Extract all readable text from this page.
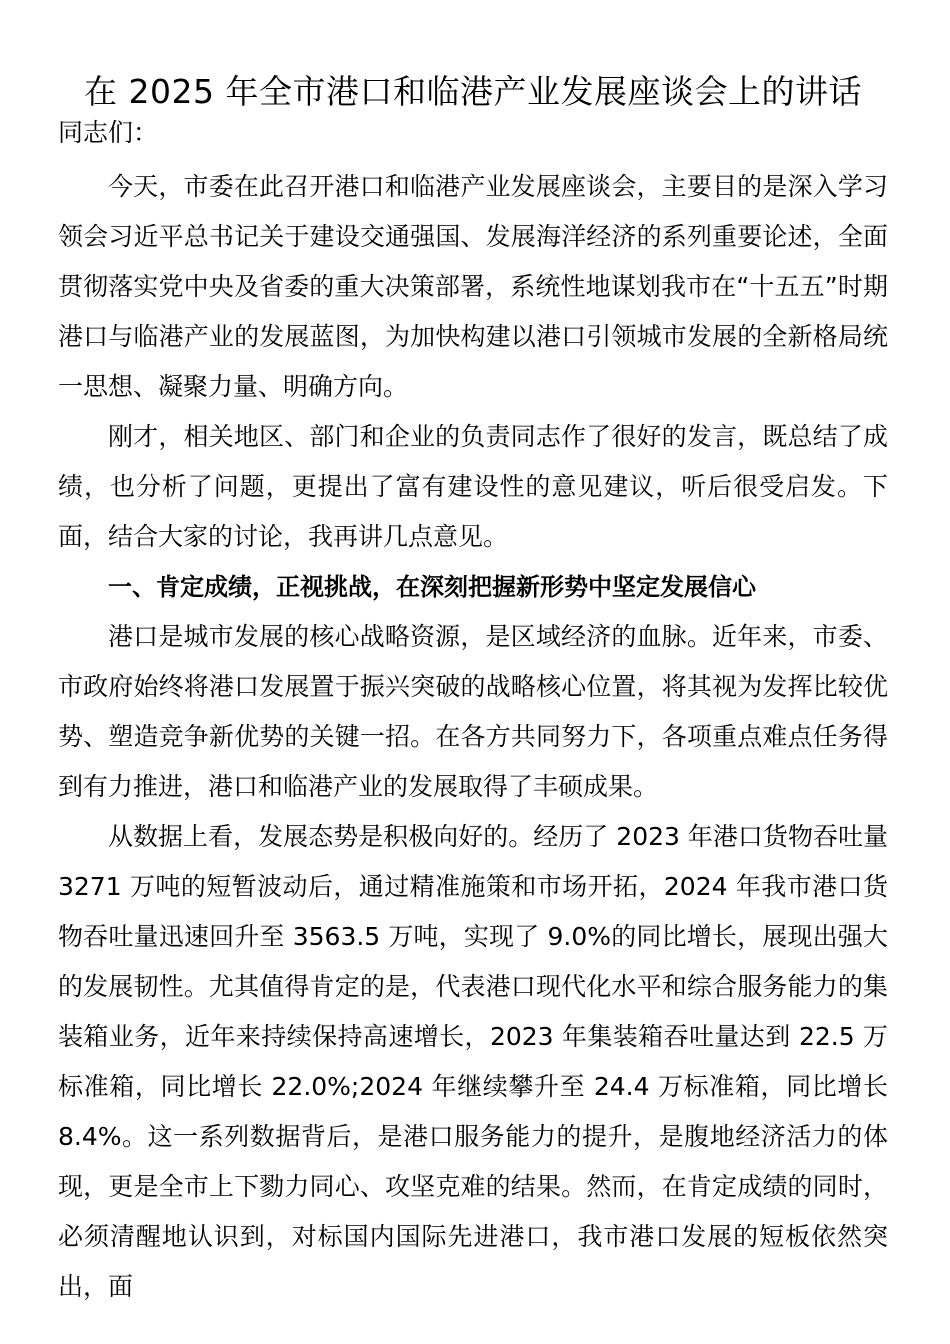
在 2025 年全市港口和临港产业发展座谈会上的讲话

同志们：

今天，市委在此召开港口和临港产业发展座谈会，主要目的是深入学习领会习近平总书记关于建设交通强国、发展海洋经济的系列重要论述，全面贯彻落实党中央及省委的重大决策部署，系统性地谋划我市在“十五五”时期港口与临港产业的发展蓝图，为加快构建以港口引领城市发展的全新格局统一思想、凝聚力量、明确方向。

刚才，相关地区、部门和企业的负责同志作了很好的发言，既总结了成绩，也分析了问题，更提出了富有建设性的意见建议，听后很受启发。下面，结合大家的讨论，我再讲几点意见。

一、肯定成绩，正视挑战，在深刻把握新形势中坚定发展信心

港口是城市发展的核心战略资源，是区域经济的血脉。近年来，市委、市政府始终将港口发展置于振兴突破的战略核心位置，将其视为发挥比较优势、塑造竞争新优势的关键一招。在各方共同努力下，各项重点难点任务得到有力推进，港口和临港产业的发展取得了丰硕成果。

从数据上看，发展态势是积极向好的。经历了 2023 年港口货物吞吐量 3271 万吨的短暂波动后，通过精准施策和市场开拓，2024 年我市港口货物吞吐量迅速回升至 3563.5 万吨，实现了 9.0%的同比增长，展现出强大的发展韧性。尤其值得肯定的是，代表港口现代化水平和综合服务能力的集装箱业务，近年来持续保持高速增长，2023 年集装箱吞吐量达到 22.5 万标准箱，同比增长 22.0%;2024 年继续攀升至 24.4 万标准箱，同比增长 8.4%。这一系列数据背后，是港口服务能力的提升，是腹地经济活力的体现，更是全市上下勠力同心、攻坚克难的结果。然而，在肯定成绩的同时，必须清醒地认识到，对标国内国际先进港口，我市港口发展的短板依然突出，面
